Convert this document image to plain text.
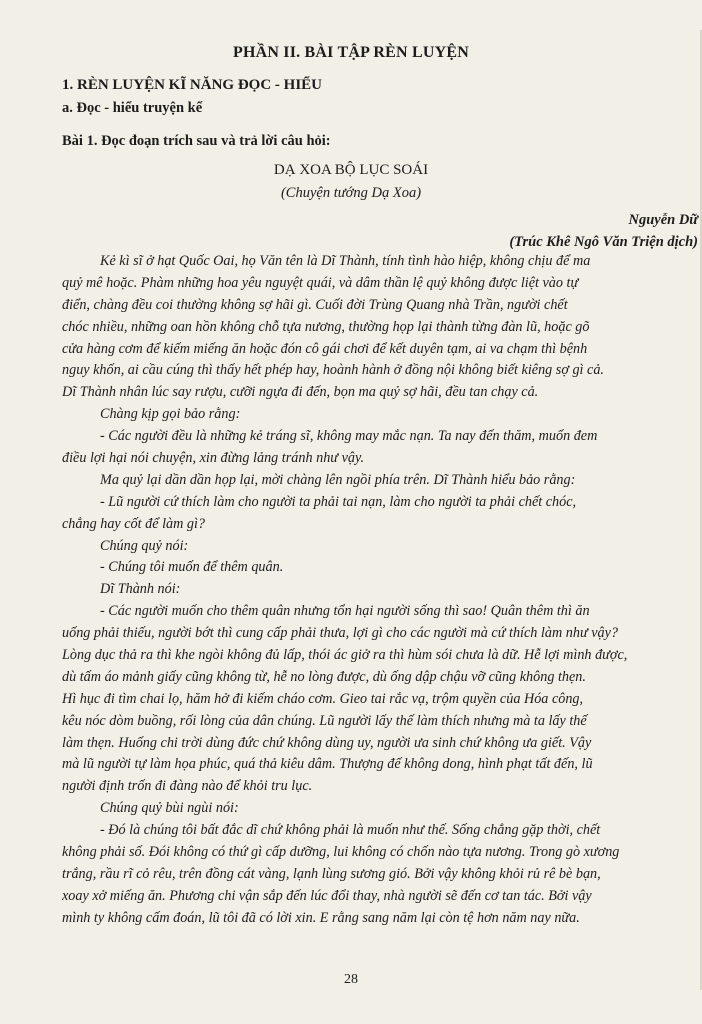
PHẦN II. BÀI TẬP RÈN LUYỆN
1. RÈN LUYỆN KĨ NĂNG ĐỌC - HIỂU
a. Đọc - hiểu truyện kể
Bài 1. Đọc đoạn trích sau và trả lời câu hỏi:
DẠ XOA BỘ LỤC SOÁI
(Chuyện tướng Dạ Xoa)
Nguyễn Dữ
(Trúc Khê Ngô Văn Triện dịch)
Kẻ kì sĩ ở hạt Quốc Oai, họ Văn tên là Dĩ Thành, tính tình hào hiệp, không chịu để ma
quỷ mê hoặc. Phàm những hoa yêu nguyệt quái, và dâm thần lệ quỷ không được liệt vào tự
điển, chàng đều coi thường không sợ hãi gì. Cuối đời Trùng Quang nhà Trần, người chết
chóc nhiều, những oan hồn không chỗ tựa nương, thường họp lại thành từng đàn lũ, hoặc gõ
cửa hàng cơm để kiếm miếng ăn hoặc đón cô gái chơi để kết duyên tạm, ai va chạm thì bệnh
nguy khốn, ai cầu cúng thì thấy hết phép hay, hoành hành ở đồng nội không biết kiêng sợ gì cả.
Dĩ Thành nhân lúc say rượu, cưỡi ngựa đi đến, bọn ma quỷ sợ hãi, đều tan chạy cả.
Chàng kịp gọi bảo rằng:
- Các người đều là những kẻ tráng sĩ, không may mắc nạn. Ta nay đến thăm, muốn đem
điều lợi hại nói chuyện, xin đừng lảng tránh như vậy.
Ma quỷ lại dần dần họp lại, mời chàng lên ngồi phía trên. Dĩ Thành hiểu bảo rằng:
- Lũ người cứ thích làm cho người ta phải tai nạn, làm cho người ta phải chết chóc,
chẳng hay cốt để làm gì?
Chúng quỷ nói:
- Chúng tôi muốn để thêm quân.
Dĩ Thành nói:
- Các người muốn cho thêm quân nhưng tổn hại người sống thì sao! Quân thêm thì ăn
uống phải thiếu, người bớt thì cung cấp phải thưa, lợi gì cho các người mà cứ thích làm như vậy?
Lòng dục thả ra thì khe ngòi không đủ lấp, thói ác giở ra thì hùm sói chưa là dữ. Hễ lợi mình được,
dù tấm áo mảnh giấy cũng không từ, hễ no lòng được, dù ống dập chậu vỡ cũng không thẹn.
Hì hục đi tìm chai lọ, hăm hở đi kiếm cháo cơm. Gieo tai rắc vạ, trộm quyền của Hóa công,
kêu nóc dòm buồng, rối lòng của dân chúng. Lũ người lấy thế làm thích nhưng mà ta lấy thế
làm thẹn. Huống chi trời dùng đức chứ không dùng uy, người ưa sinh chứ không ưa giết. Vậy
mà lũ người tự làm họa phúc, quá thả kiêu dâm. Thượng đế không dong, hình phạt tất đến, lũ
người định trốn đi đàng nào để khỏi tru lục.
Chúng quỷ bùi ngùi nói:
- Đó là chúng tôi bất đắc dĩ chứ không phải là muốn như thế. Sống chẳng gặp thời, chết
không phải số. Đói không có thứ gì cấp dưỡng, lui không có chốn nào tựa nương. Trong gò xương
trắng, rầu rĩ cỏ rêu, trên đồng cát vàng, lạnh lùng sương gió. Bởi vậy không khỏi rủ rê bè bạn,
xoay xở miếng ăn. Phương chi vận sắp đến lúc đổi thay, nhà người sẽ đến cơ tan tác. Bởi vậy
mình ty không cấm đoán, lũ tôi đã có lời xin. E rằng sang năm lại còn tệ hơn năm nay nữa.
28
